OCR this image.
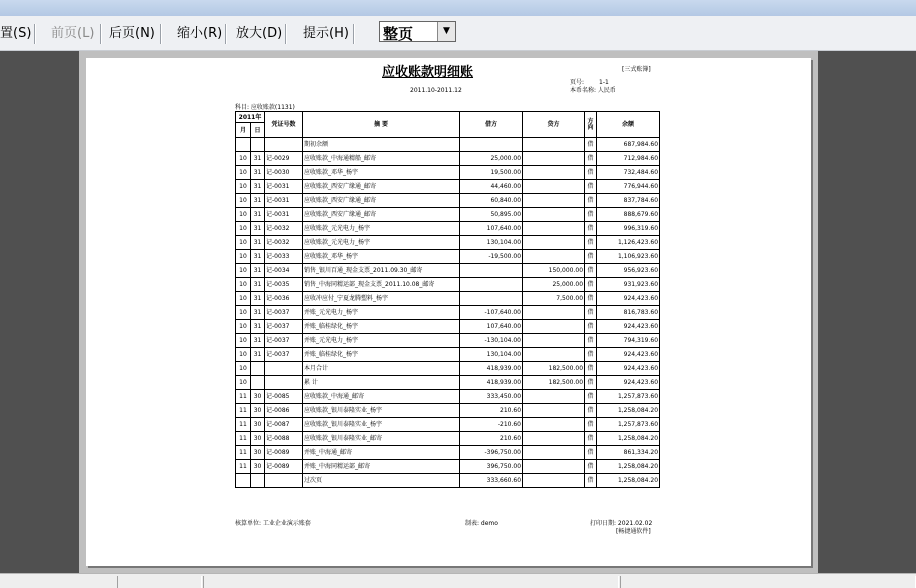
置(S) 前页(L) 后页(N) 缩小(R) 放大(D) 提示(H) 整页	▼
应收账款明细账	[三式账簿]
页号: 1-1
2011.10-2011.12	本币名称: 人民币
科目: 应收账款(1131)
2011年		凭证号数	摘 要	借方	贷方	方向	余额
月	日						
			期初余额			借	687,984.60
10	31	记-0029	应收账款_中海通精船_邮寄	25,000.00		借	712,984.60
10	31	记-0030	应收账款_邓华_杨宇	19,500.00		借	732,484.60
10	31	记-0031	应收账款_西安广缘通_邮寄	44,460.00		借	776,944.60
10	31	记-0031	应收账款_西安广缘通_邮寄	60,840.00		借	837,784.60
10	31	记-0031	应收账款_西安广缘通_邮寄	50,895.00		借	888,679.60
10	31	记-0032	应收账款_元光电力_杨宇	107,640.00		借	996,319.60
10	31	记-0032	应收账款_元光电力_杨宇	130,104.00		借	1,126,423.60
10	31	记-0033	应收账款_邓华_杨宇	-19,500.00		借	1,106,923.60
10	31	记-0034	销售_银川百通_现金支票_2011.09.30_邮寄		150,000.00	借	956,923.60
10	31	记-0035	销售_中海同精运部_现金支票_2011.10.08_邮寄		25,000.00	借	931,923.60
10	31	记-0036	应收冲应付_宁夏龙腾塑料_杨宇		7,500.00	借	924,423.60
10	31	记-0037	并账_元光电力_杨宇	-107,640.00		借	816,783.60
10	31	记-0037	并账_临桂绿化_杨宇	107,640.00		借	924,423.60
10	31	记-0037	并账_元光电力_杨宇	-130,104.00		借	794,319.60
10	31	记-0037	并账_临桂绿化_杨宇	130,104.00		借	924,423.60
10			本月合计	418,939.00	182,500.00	借	924,423.60
10			累 计	418,939.00	182,500.00	借	924,423.60
11	30	记-0085	应收账款_中海通_邮寄	333,450.00		借	1,257,873.60
11	30	记-0086	应收账款_银川泰隆实业_杨宇	210.60		借	1,258,084.20
11	30	记-0087	应收账款_银川泰隆实业_杨宇	-210.60		借	1,257,873.60
11	30	记-0088	应收账款_银川泰隆实业_邮寄	210.60		借	1,258,084.20
11	30	记-0089	并账_中海通_邮寄	-396,750.00		借	861,334.20
11	30	记-0089	并账_中海同精运部_邮寄	396,750.00		借	1,258,084.20
			过次页	333,660.60		借	1,258,084.20
核算单位: 工业企业演示账套	制表: demo	打印日期: 2021.02.02
[畅捷通软件]
